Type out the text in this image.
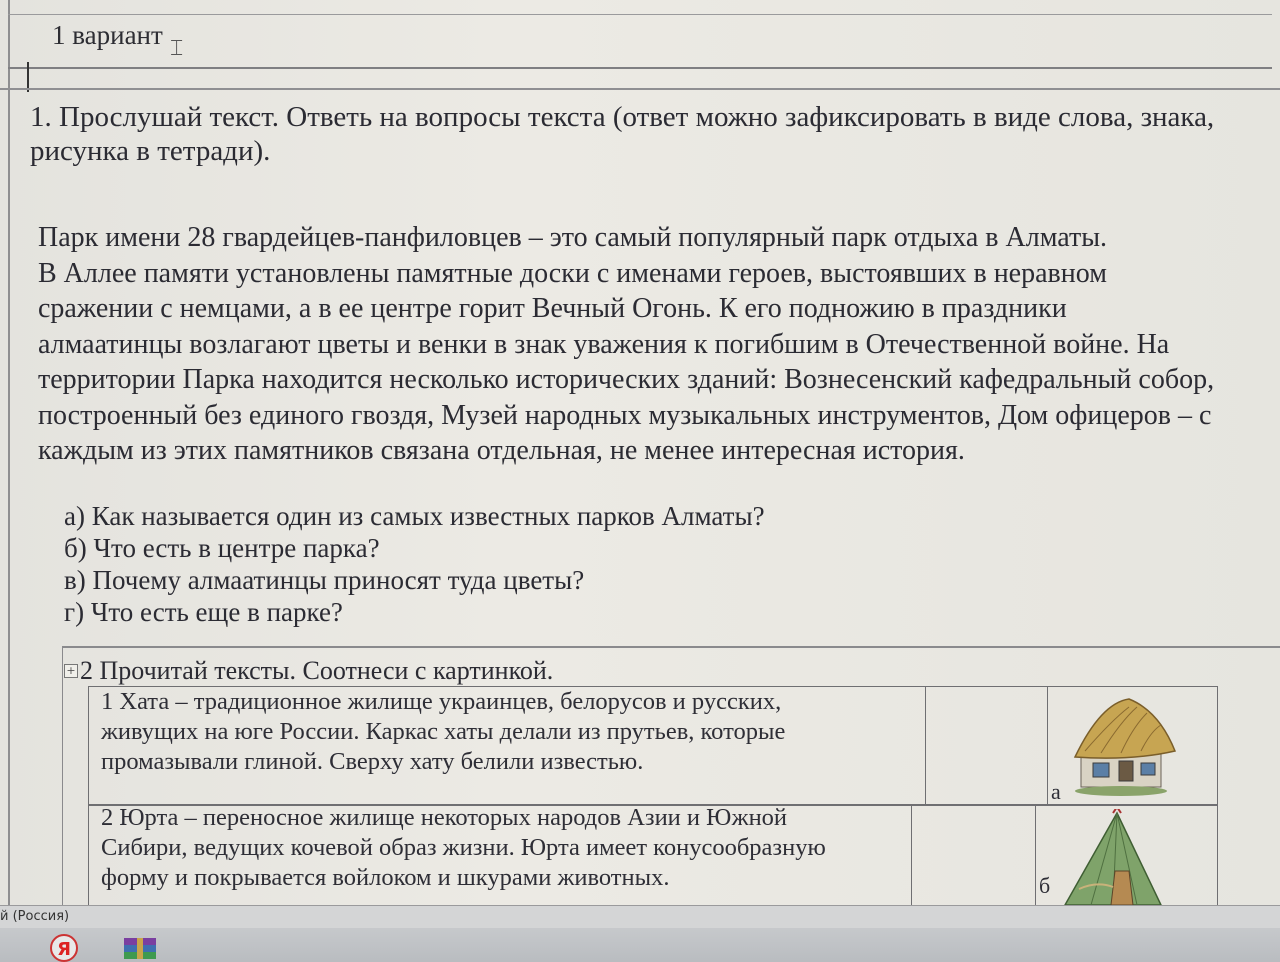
1 вариант ⌶
1. Прослушай текст. Ответь на вопросы текста (ответ можно зафиксировать в виде слова, знака,
рисунка в тетради).
Парк имени 28 гвардейцев-панфиловцев – это самый популярный парк отдыха в Алматы.
В Аллее памяти установлены памятные доски с именами героев, выстоявших в неравном
сражении с немцами, а в ее центре горит Вечный Огонь. К его подножию в праздники
алмаатинцы возлагают цветы и венки в знак уважения к погибшим в Отечественной войне. На
территории Парка находится несколько исторических зданий: Вознесенский кафедральный собор,
построенный без единого гвоздя, Музей народных музыкальных инструментов, Дом офицеров – с
каждым из этих памятников связана отдельная, не менее интересная история.
а) Как называется один из самых известных парков Алматы?
б) Что есть в центре парка?
в) Почему алмаатинцы приносят туда цветы?
г) Что есть еще в парке?
+ 2 Прочитай тексты. Соотнеси с картинкой.
1 Хата – традиционное жилище украинцев, белорусов и русских,
живущих на юге России. Каркас хаты делали из прутьев, которые
промазывали глиной. Сверху хату белили известью.
а
2 Юрта – переносное жилище некоторых народов Азии и Южной
Сибири, ведущих кочевой образ жизни. Юрта имеет конусообразную
форму и покрывается войлоком и шкурами животных.	б
й (Россия)
Я
